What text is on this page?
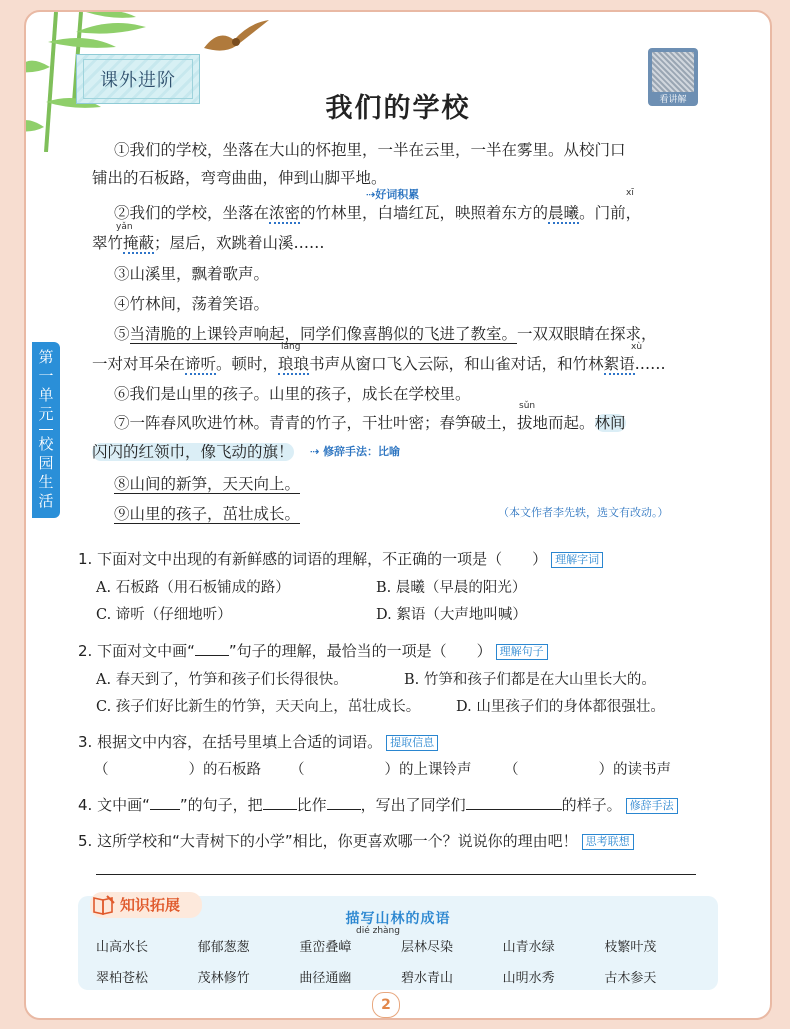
课外进阶
看讲解
我们的学校
第
一
单
元
校
园
生
活
①我们的学校，坐落在大山的怀抱里，一半在云里，一半在雾里。从校门口
铺出的石板路，弯弯曲曲，伸到山脚平地。
⇢好词积累	xī
②我们的学校，坐落在浓密的竹林里，白墙红瓦，映照着东方的晨曦。门前，
yǎn
翠竹掩蔽；屋后，欢跳着山溪……
③山溪里，飘着歌声。
④竹林间，荡着笑语。
⑤当清脆的上课铃声响起，同学们像喜鹊似的飞进了教室。一双双眼睛在探求，
láng	xù
一对对耳朵在谛听。顿时，琅琅书声从窗口飞入云际，和山雀对话，和竹林絮语……
⑥我们是山里的孩子。山里的孩子，成长在学校里。
sǔn
⑦一阵春风吹进竹林。青青的竹子，干壮叶密；春笋破土，拔地而起。林间
闪闪的红领巾，像飞动的旗！	⇢ 修辞手法：比喻
⑧山间的新笋，天天向上。
⑨山里的孩子，茁壮成长。	（本文作者李先轶，选文有改动。）
1. 下面对文中出现的有新鲜感的词语的理解，不正确的一项是（　　） 理解字词
A. 石板路（用石板铺成的路）	B. 晨曦（早晨的阳光）
C. 谛听（仔细地听）	D. 絮语（大声地叫喊）
2. 下面对文中画“ ”句子的理解，最恰当的一项是（　　） 理解句子
A. 春天到了，竹笋和孩子们长得很快。	B. 竹笋和孩子们都是在大山里长大的。
C. 孩子们好比新生的竹笋，天天向上，茁壮成长。 D. 山里孩子们的身体都很强壮。
3. 根据文中内容，在括号里填上合适的词语。 提取信息
（	）的石板路 （	）的上课铃声 （	）的读书声
4. 文中画“ ”的句子，把 比作 ，写出了同学们	的样子。 修辞手法
5. 这所学校和“大青树下的小学”相比，你更喜欢哪一个？说说你的理由吧！ 思考联想
知识拓展
描写山林的成语
dié zhàng
山高水长	郁郁葱葱	重峦叠嶂	层林尽染	山青水绿	枝繁叶茂
翠柏苍松	茂林修竹	曲径通幽	碧水青山	山明水秀	古木参天
2
